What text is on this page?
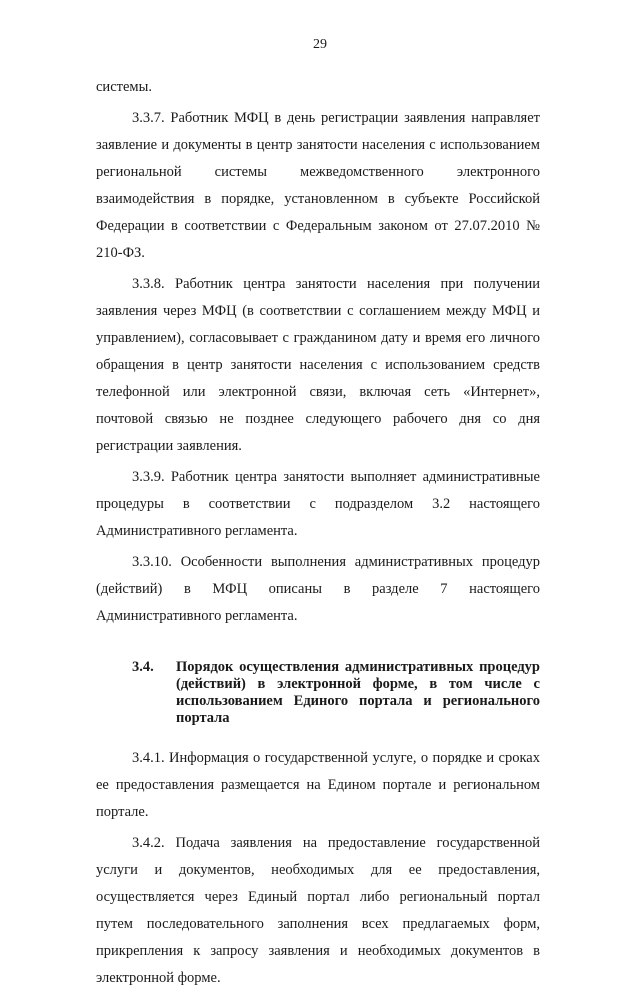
29

системы.

3.3.7. Работник МФЦ в день регистрации заявления направляет заявление и документы в центр занятости населения с использованием региональной системы межведомственного электронного взаимодействия в порядке, установленном в субъекте Российской Федерации в соответствии с Федеральным законом от 27.07.2010 № 210-ФЗ.

3.3.8. Работник центра занятости населения при получении заявления через МФЦ (в соответствии с соглашением между МФЦ и управлением), согласовывает с гражданином дату и время его личного обращения в центр занятости населения с использованием средств телефонной или электронной связи, включая сеть «Интернет», почтовой связью не позднее следующего рабочего дня со дня регистрации заявления.

3.3.9. Работник центра занятости выполняет административные процедуры в соответствии с подразделом 3.2 настоящего Административного регламента.

3.3.10. Особенности выполнения административных процедур (действий) в МФЦ описаны в разделе 7 настоящего Административного регламента.

3.4.	Порядок осуществления административных процедур (действий) в электронной форме, в том числе с использованием Единого портала и регионального портала

3.4.1. Информация о государственной услуге, о порядке и сроках ее предоставления размещается на Едином портале и региональном портале.

3.4.2. Подача заявления на предоставление государственной услуги и документов, необходимых для ее предоставления, осуществляется через Единый портал либо региональный портал путем последовательного заполнения всех предлагаемых форм, прикрепления к запросу заявления и необходимых документов в электронной форме.
